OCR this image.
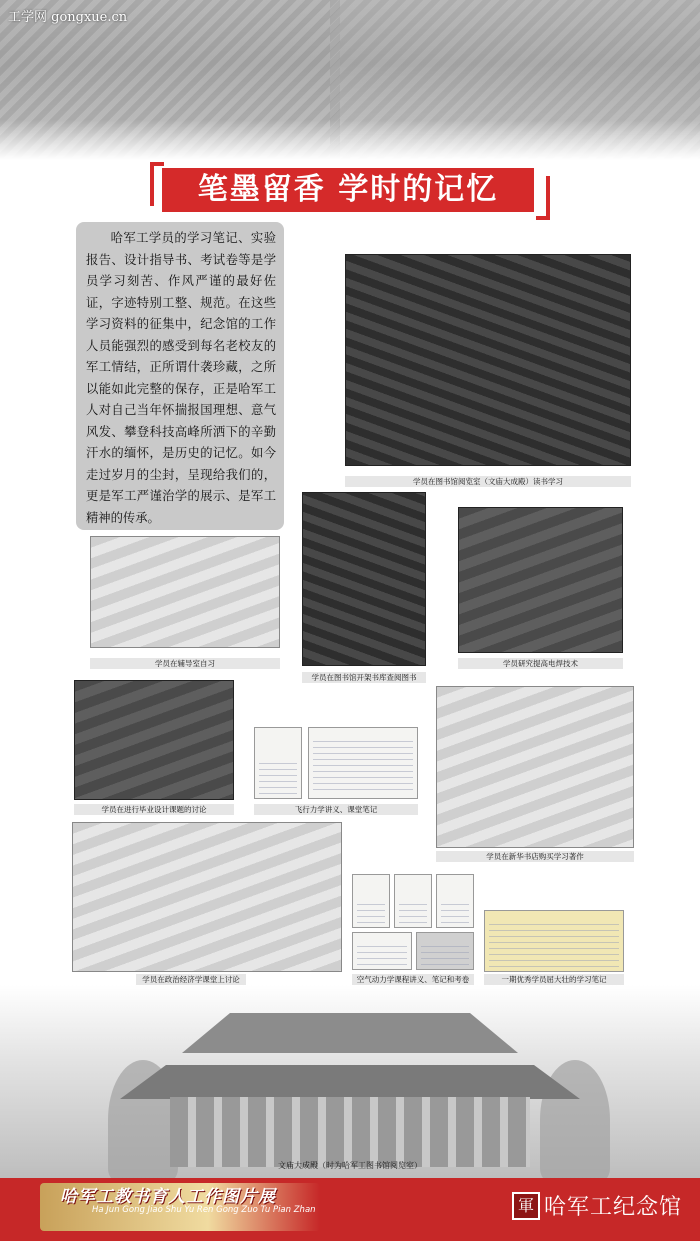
工学网 gongxue.cn
笔墨留香 学时的记忆
哈军工学员的学习笔记、实验报告、设计指导书、考试卷等是学员学习刻苦、作风严谨的最好佐证，字迹特别工整、规范。在这些学习资料的征集中，纪念馆的工作人员能强烈的感受到每名老校友的军工情结，正所谓什袭珍藏，之所以能如此完整的保存，正是哈军工人对自己当年怀揣报国理想、意气风发、攀登科技高峰所洒下的辛勤汗水的缅怀，是历史的记忆。如今走过岁月的尘封，呈现给我们的，更是军工严谨治学的展示、是军工精神的传承。
学员在图书馆阅览室（文庙大成殿）读书学习
学员在辅导室自习
学员在图书馆开架书库查阅图书
学员研究提高电焊技术
学员在进行毕业设计课题的讨论	飞行力学讲义、课堂笔记
学员在新华书店购买学习著作
学员在政治经济学课堂上讨论	空气动力学课程讲义、笔记和考卷	一期优秀学员屈大壮的学习笔记
文庙大成殿（时为哈军工图书馆阅览室）
哈军工教书育人工作图片展
Ha Jun Gong Jiao Shu Yu Ren Gong Zuo Tu Pian Zhan	軍 哈军工纪念馆
